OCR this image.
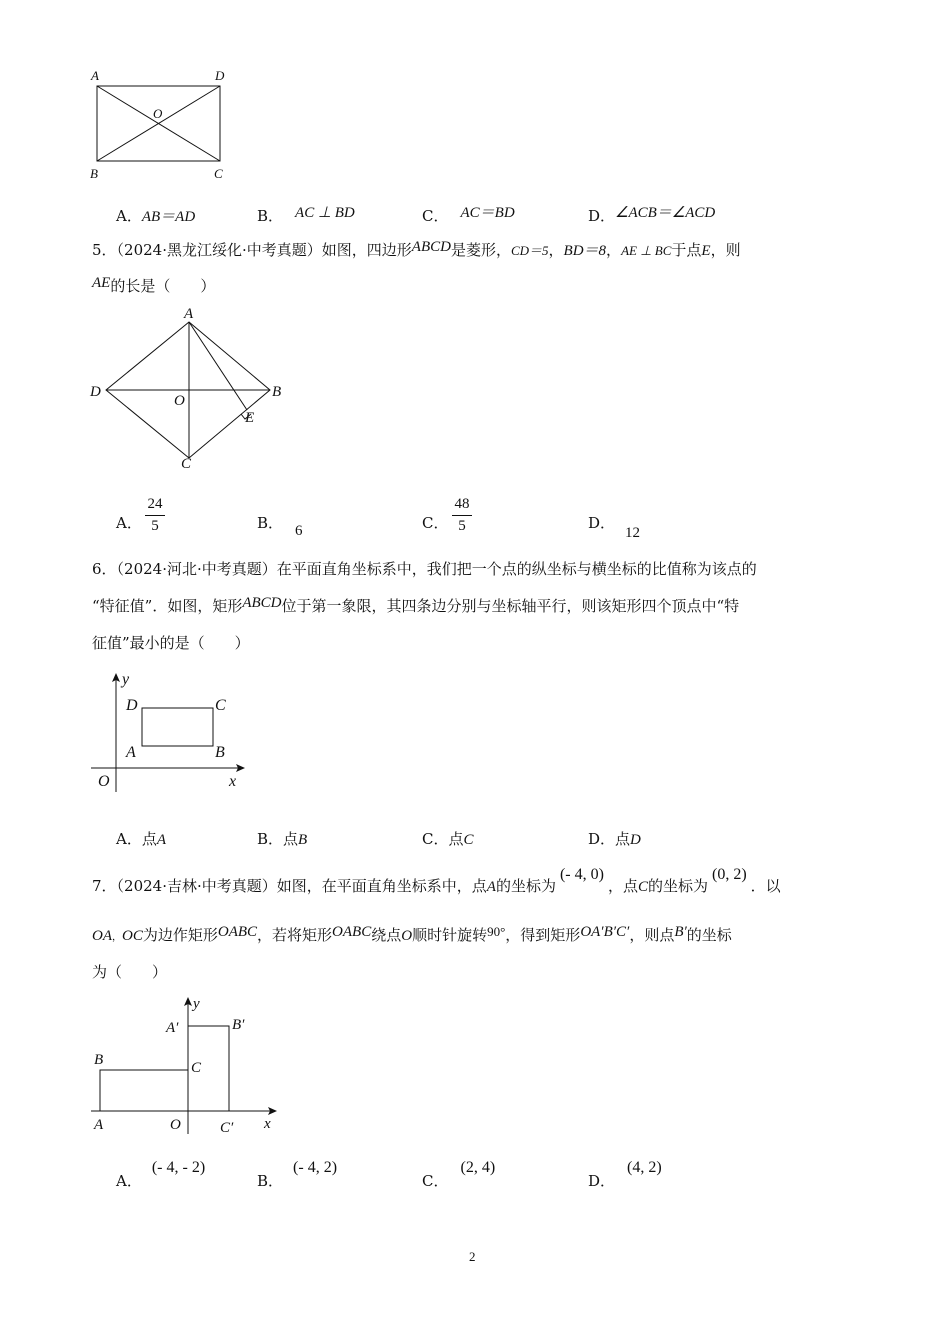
A	D
O
B	C
A．AB＝AD	B． AC ⊥ BD	C． AC＝BD	D．∠ACB＝∠ACD
5．（2024·黑龙江绥化·中考真题）如图，四边形ABCD是菱形，CD＝5，BD＝8，AE ⊥ BC于点E，则
AE的长是（　　）
A
D
O
B
E
C
A．
24
5	B． 6	C．
48
5	D．12
6．（2024·河北·中考真题）在平面直角坐标系中，我们把一个点的纵坐标与横坐标的比值称为该点的
“特征值”．如图，矩形ABCD位于第一象限，其四条边分别与坐标轴平行，则该矩形四个顶点中“特
征值”最小的是（　　）
y
x
O
D	C
A	B
A．点A	B．点B	C．点C	D．点D
7．（2024·吉林·中考真题）如图，在平面直角坐标系中，点A的坐标为(- 4, 0)，点C的坐标为(0, 2)．以
OA，OC为边作矩形OABC，若将矩形OABC绕点O顺时针旋转90°，得到矩形OA′B′C′，则点B′的坐标
为（　　）
y
A′	B′
B	C
A	O	C′ x
A．(- 4, - 2)
B．(- 4, 2)
C．(2, 4)
D．(4, 2)
2
